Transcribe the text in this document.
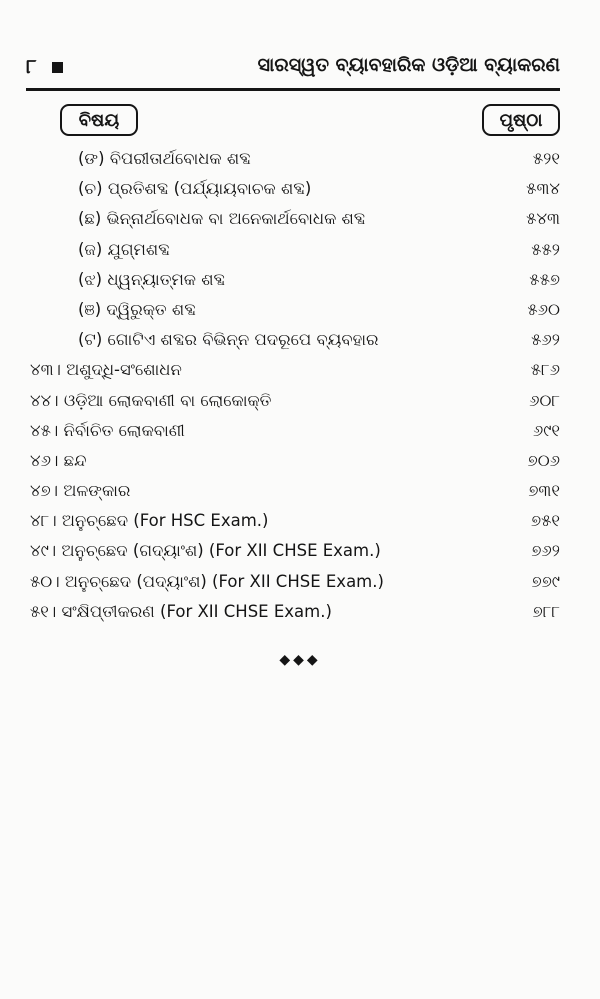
୮	ସାରସ୍ୱତ ବ୍ୟାବହାରିକ ଓଡ଼ିଆ ବ୍ୟାକରଣ
ବିଷୟ	ପୃଷ୍ଠା
(ଙ) ବିପରୀତାର୍ଥବୋଧକ ଶବ୍ଦ	୫୨୧
(ଚ) ପ୍ରତିଶବ୍ଦ (ପର୍ଯ୍ୟାୟବାଚକ ଶବ୍ଦ)	୫୩୪
(ଛ) ଭିନ୍ନାର୍ଥବୋଧକ ବା ଅନେକାର୍ଥବୋଧକ ଶବ୍ଦ	୫୪୩
(ଜ) ଯୁଗ୍ମଶବ୍ଦ	୫୫୨
(ଝ) ଧ୍ୱନ୍ୟାତ୍ମକ ଶବ୍ଦ	୫୫୭
(ଞ) ଦ୍ୱିରୁକ୍ତ ଶବ୍ଦ	୫୬୦
(ଟ) ଗୋଟିଏ ଶବ୍ଦର ବିଭିନ୍ନ ପଦରୂପେ ବ୍ୟବହାର	୫୬୨
୪୩। ଅଶୁଦ୍ଧି-ସଂଶୋଧନ	୫୮୬
୪୪। ଓଡ଼ିଆ ଲୋକବାଣୀ ବା ଲୋକୋକ୍ତି	୬୦୮
୪୫। ନିର୍ବାଚିତ ଲୋକବାଣୀ	୬୯୧
୪୬। ଛନ୍ଦ	୭୦୬
୪୭। ଅଳଙ୍କାର	୭୩୧
୪୮। ଅନୁଚ୍ଛେଦ (For HSC Exam.)	୭୫୧
୪୯। ଅନୁଚ୍ଛେଦ (ଗଦ୍ୟାଂଶ) (For XII CHSE Exam.)	୭୬୨
୫୦। ଅନୁଚ୍ଛେଦ (ପଦ୍ୟାଂଶ) (For XII CHSE Exam.)	୭୭୯
୫୧। ସଂକ୍ଷିପ୍ତୀକରଣ (For XII CHSE Exam.)	୭୮୮
◆◆◆
